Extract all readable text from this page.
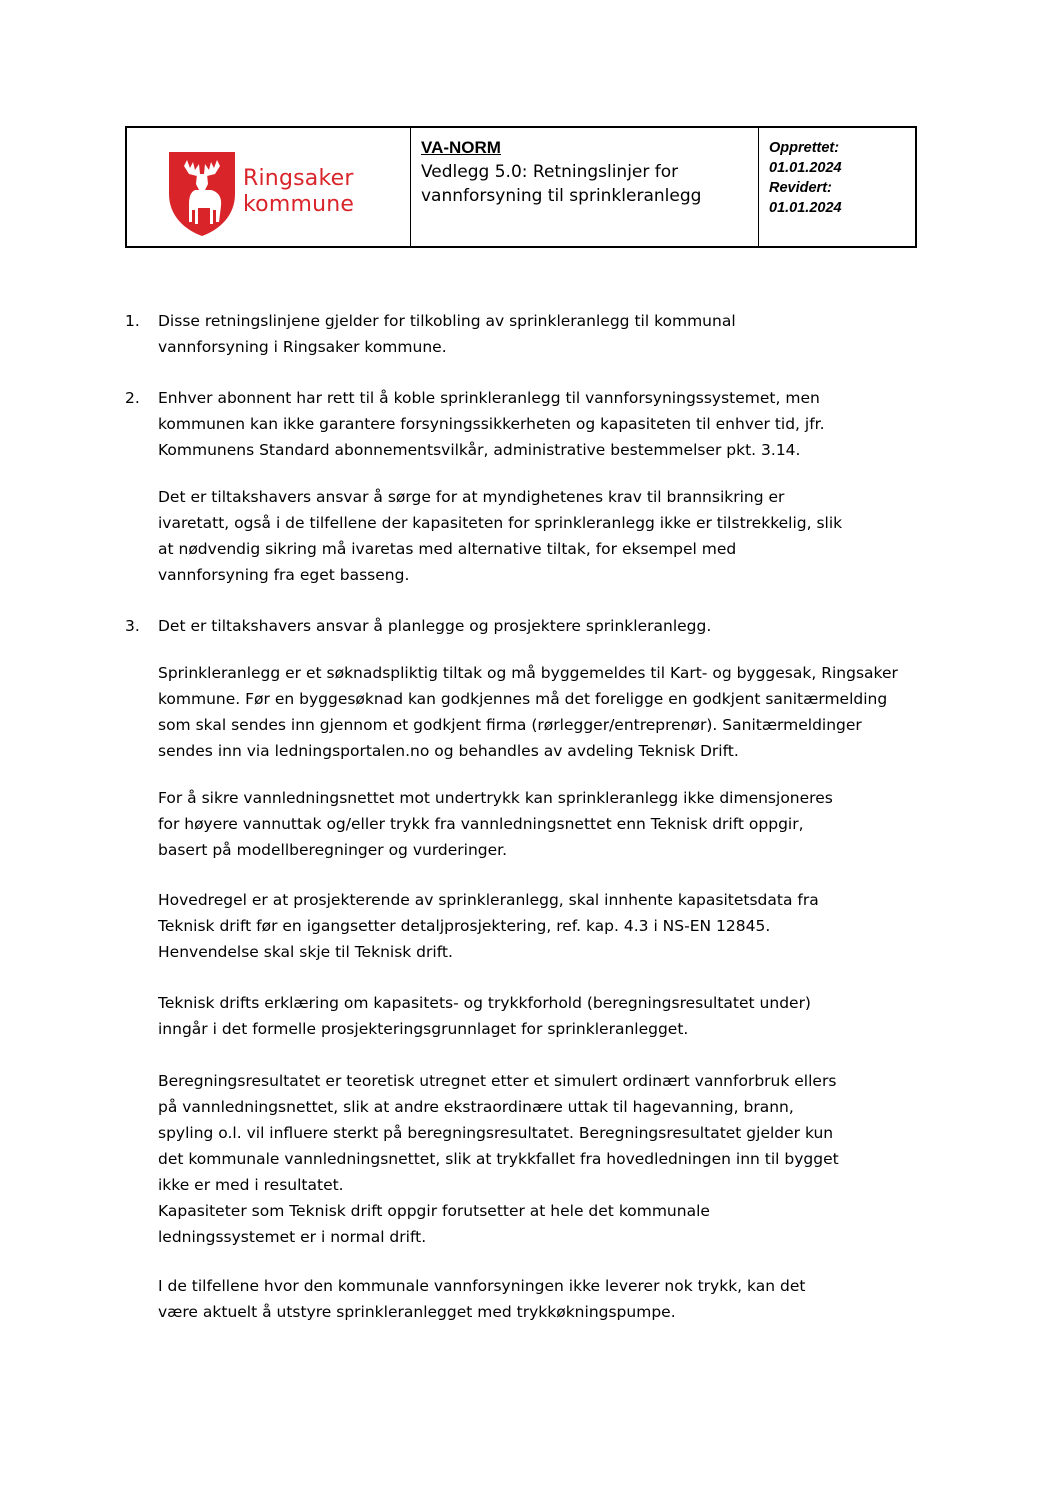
Ringsaker
kommune
VA-NORM
Vedlegg 5.0: Retningslinjer for
vannforsyning til sprinkleranlegg
Opprettet:
01.01.2024
Revidert:
01.01.2024
1. Disse retningslinjene gjelder for tilkobling av sprinkleranlegg til kommunal
vannforsyning i Ringsaker kommune.
2. Enhver abonnent har rett til å koble sprinkleranlegg til vannforsyningssystemet, men
kommunen kan ikke garantere forsyningssikkerheten og kapasiteten til enhver tid, jfr.
Kommunens Standard abonnementsvilkår, administrative bestemmelser pkt. 3.14.
Det er tiltakshavers ansvar å sørge for at myndighetenes krav til brannsikring er
ivaretatt, også i de tilfellene der kapasiteten for sprinkleranlegg ikke er tilstrekkelig, slik
at nødvendig sikring må ivaretas med alternative tiltak, for eksempel med
vannforsyning fra eget basseng.
3. Det er tiltakshavers ansvar å planlegge og prosjektere sprinkleranlegg.
Sprinkleranlegg er et søknadspliktig tiltak og må byggemeldes til Kart- og byggesak, Ringsaker
kommune. Før en byggesøknad kan godkjennes må det foreligge en godkjent sanitærmelding
som skal sendes inn gjennom et godkjent firma (rørlegger/entreprenør). Sanitærmeldinger
sendes inn via ledningsportalen.no og behandles av avdeling Teknisk Drift.
For å sikre vannledningsnettet mot undertrykk kan sprinkleranlegg ikke dimensjoneres
for høyere vannuttak og/eller trykk fra vannledningsnettet enn Teknisk drift oppgir,
basert på modellberegninger og vurderinger.
Hovedregel er at prosjekterende av sprinkleranlegg, skal innhente kapasitetsdata fra
Teknisk drift før en igangsetter detaljprosjektering, ref. kap. 4.3 i NS-EN 12845.
Henvendelse skal skje til Teknisk drift.
Teknisk drifts erklæring om kapasitets- og trykkforhold (beregningsresultatet under)
inngår i det formelle prosjekteringsgrunnlaget for sprinkleranlegget.
Beregningsresultatet er teoretisk utregnet etter et simulert ordinært vannforbruk ellers
på vannledningsnettet, slik at andre ekstraordinære uttak til hagevanning, brann,
spyling o.l. vil influere sterkt på beregningsresultatet. Beregningsresultatet gjelder kun
det kommunale vannledningsnettet, slik at trykkfallet fra hovedledningen inn til bygget
ikke er med i resultatet.
Kapasiteter som Teknisk drift oppgir forutsetter at hele det kommunale
ledningssystemet er i normal drift.
I de tilfellene hvor den kommunale vannforsyningen ikke leverer nok trykk, kan det
være aktuelt å utstyre sprinkleranlegget med trykkøkningspumpe.
